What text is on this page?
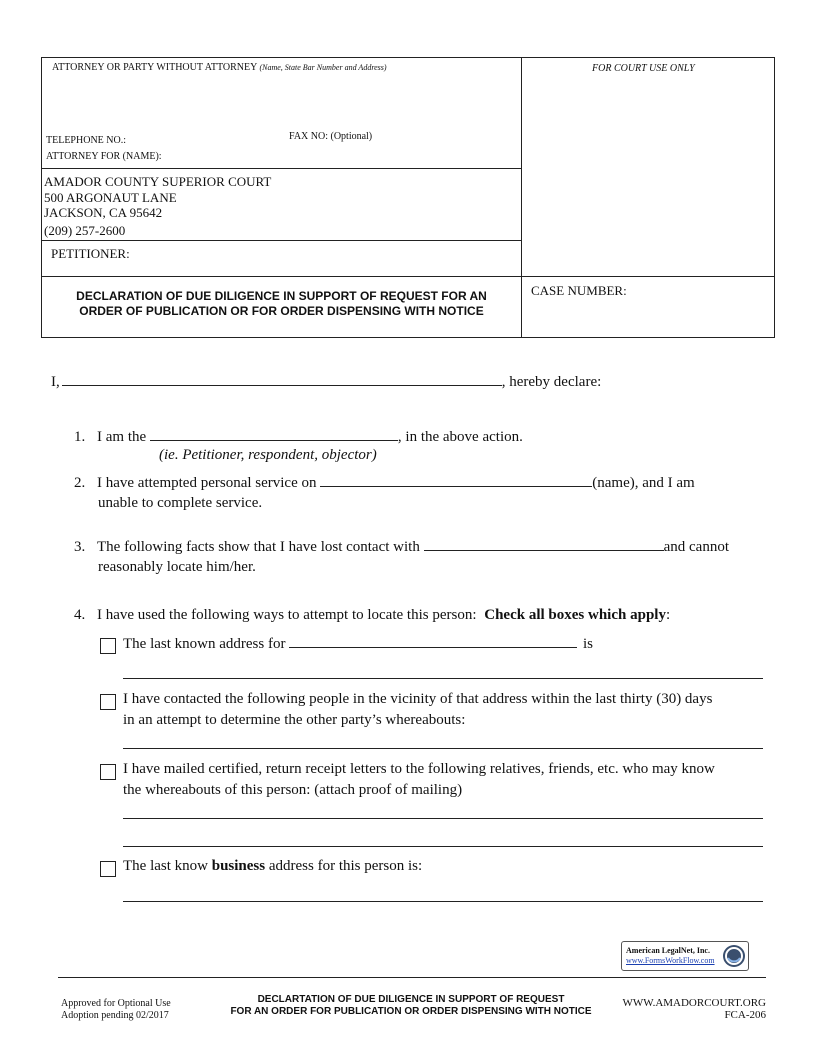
ATTORNEY OR PARTY WITHOUT ATTORNEY (Name, State Bar Number and Address)	FOR COURT USE ONLY
TELEPHONE NO.:	FAX NO: (Optional)
ATTORNEY FOR (NAME):
AMADOR COUNTY SUPERIOR COURT
500 ARGONAUT LANE
JACKSON, CA 95642
(209) 257-2600
PETITIONER:
DECLARATION OF DUE DILIGENCE IN SUPPORT OF REQUEST FOR AN
ORDER OF PUBLICATION OR FOR ORDER DISPENSING WITH NOTICE
CASE NUMBER:
I,	, hereby declare:
1. I am the	, in the above action.
(ie. Petitioner, respondent, objector)
2. I have attempted personal service on	(name), and I am
unable to complete service.
3. The following facts show that I have lost contact with	and cannot
reasonably locate him/her.
4. I have used the following ways to attempt to locate this person: Check all boxes which apply:
The last known address for	is
I have contacted the following people in the vicinity of that address within the last thirty (30) days
in an attempt to determine the other party’s whereabouts:
I have mailed certified, return receipt letters to the following relatives, friends, etc. who may know
the whereabouts of this person: (attach proof of mailing)
The last know business address for this person is:
American LegalNet, Inc.
www.FormsWorkFlow.com
Approved for Optional Use
Adoption pending 02/2017
DECLARTATION OF DUE DILIGENCE IN SUPPORT OF REQUEST
FOR AN ORDER FOR PUBLICATION OR ORDER DISPENSING WITH NOTICE
WWW.AMADORCOURT.ORG
FCA-206
